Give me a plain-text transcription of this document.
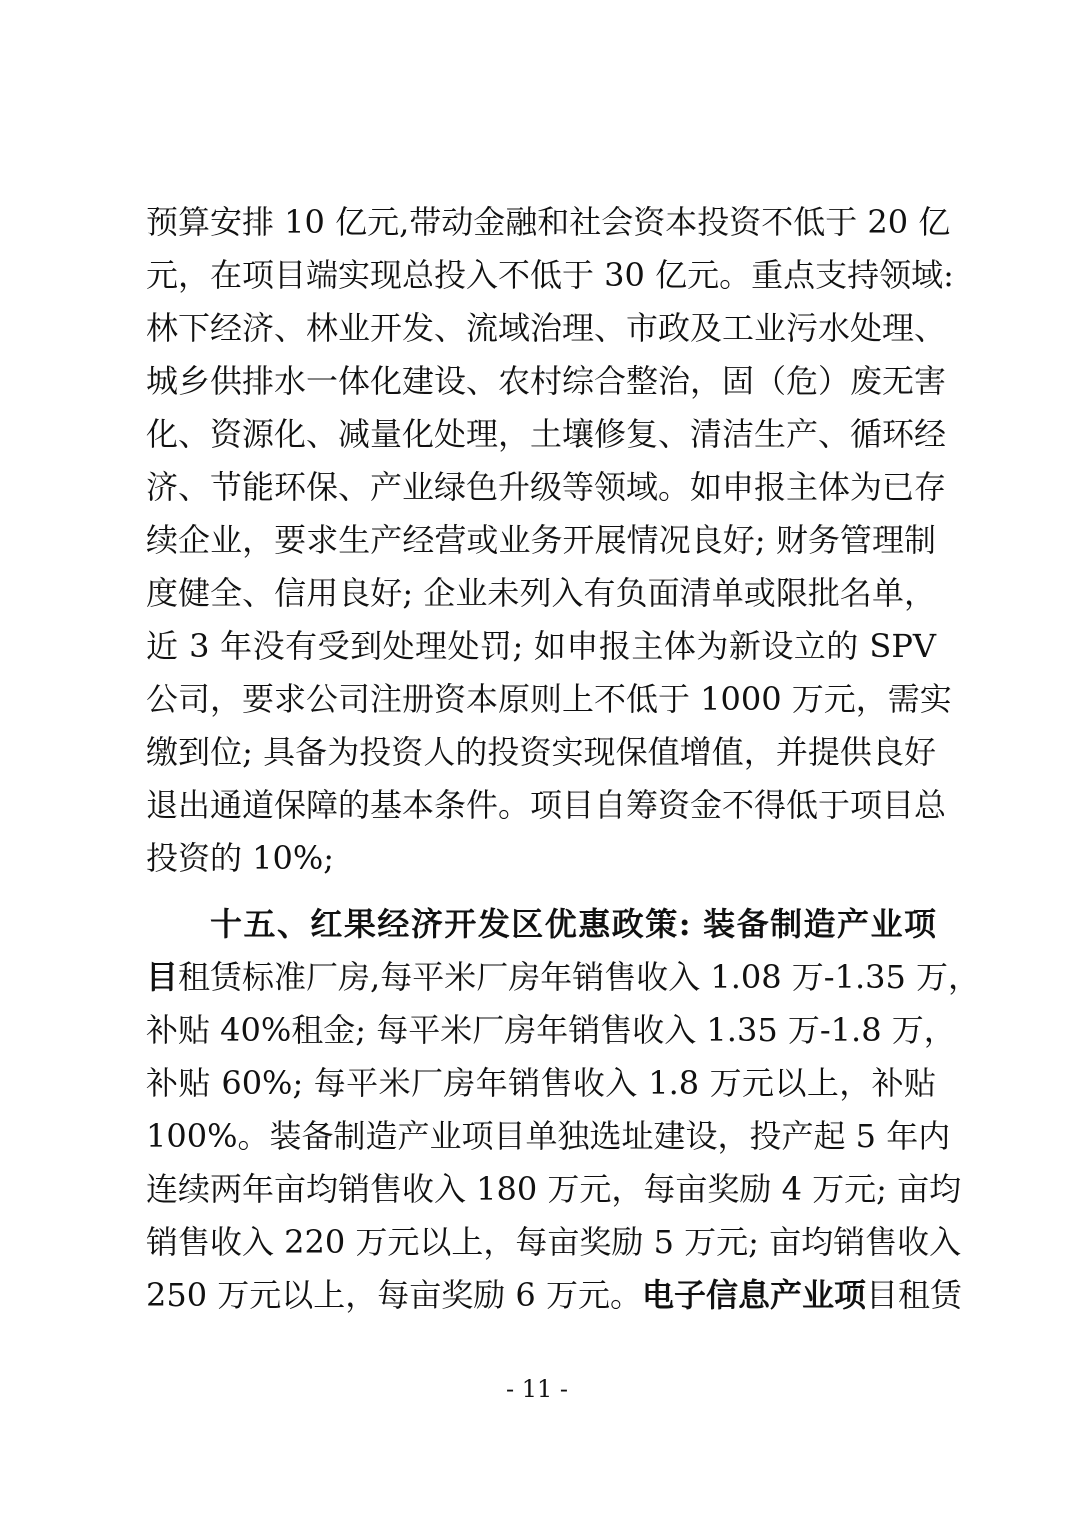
预算安排 10 亿元,带动金融和社会资本投资不低于 20 亿
元，在项目端实现总投入不低于 30 亿元。重点支持领域:
林下经济、林业开发、流域治理、市政及工业污水处理、
城乡供排水一体化建设、农村综合整治，固（危）废无害
化、资源化、减量化处理，土壤修复、清洁生产、循环经
济、节能环保、产业绿色升级等领域。如申报主体为已存
续企业，要求生产经营或业务开展情况良好; 财务管理制
度健全、信用良好; 企业未列入有负面清单或限批名单，
近 3 年没有受到处理处罚; 如申报主体为新设立的 SPV
公司，要求公司注册资本原则上不低于 1000 万元，需实
缴到位; 具备为投资人的投资实现保值增值，并提供良好
退出通道保障的基本条件。项目自筹资金不得低于项目总
投资的 10%;
十五、红果经济开发区优惠政策: 装备制造产业项
目租赁标准厂房,每平米厂房年销售收入 1.08 万-1.35 万，
补贴 40%租金; 每平米厂房年销售收入 1.35 万-1.8 万，
补贴 60%; 每平米厂房年销售收入 1.8 万元以上，补贴
100%。装备制造产业项目单独选址建设，投产起 5 年内
连续两年亩均销售收入 180 万元，每亩奖励 4 万元; 亩均
销售收入 220 万元以上，每亩奖励 5 万元; 亩均销售收入
250 万元以上，每亩奖励 6 万元。电子信息产业项目租赁
- 11 -
